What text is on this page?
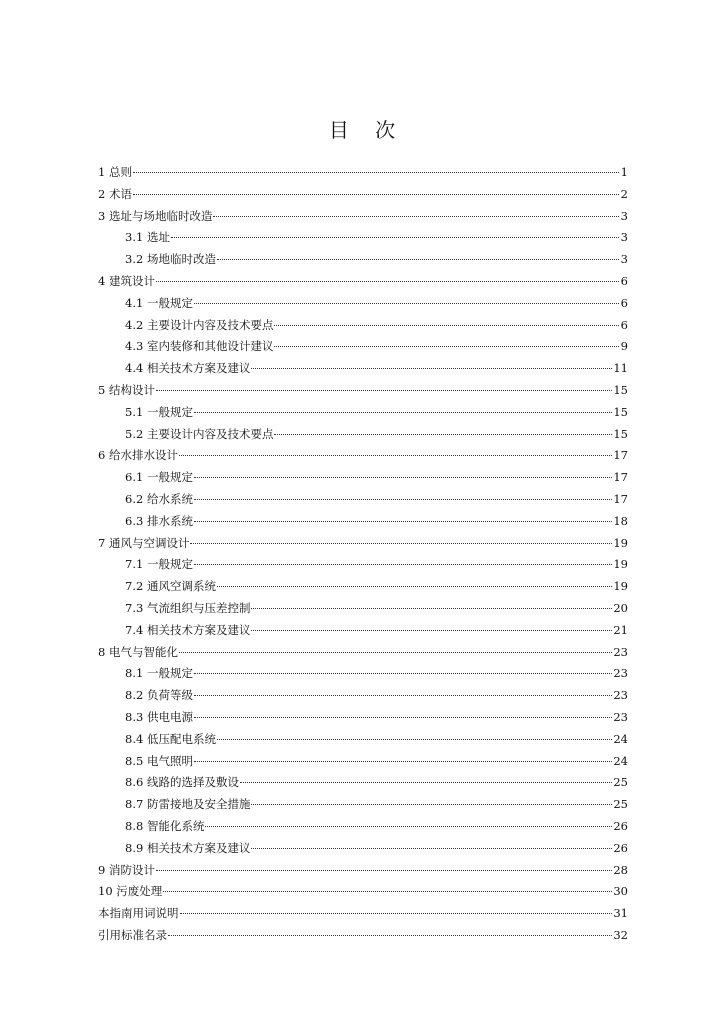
目 次
1 总则	1
2 术语	2
3 选址与场地临时改造	3
3.1 选址	3
3.2 场地临时改造	3
4 建筑设计	6
4.1 一般规定	6
4.2 主要设计内容及技术要点	6
4.3 室内装修和其他设计建议	9
4.4 相关技术方案及建议	11
5 结构设计	15
5.1 一般规定	15
5.2 主要设计内容及技术要点	15
6 给水排水设计	17
6.1 一般规定	17
6.2 给水系统	17
6.3 排水系统	18
7 通风与空调设计	19
7.1 一般规定	19
7.2 通风空调系统	19
7.3 气流组织与压差控制	20
7.4 相关技术方案及建议	21
8 电气与智能化	23
8.1 一般规定	23
8.2 负荷等级	23
8.3 供电电源	23
8.4 低压配电系统	24
8.5 电气照明	24
8.6 线路的选择及敷设	25
8.7 防雷接地及安全措施	25
8.8 智能化系统	26
8.9 相关技术方案及建议	26
9 消防设计	28
10 污废处理	30
本指南用词说明	31
引用标准名录	32
